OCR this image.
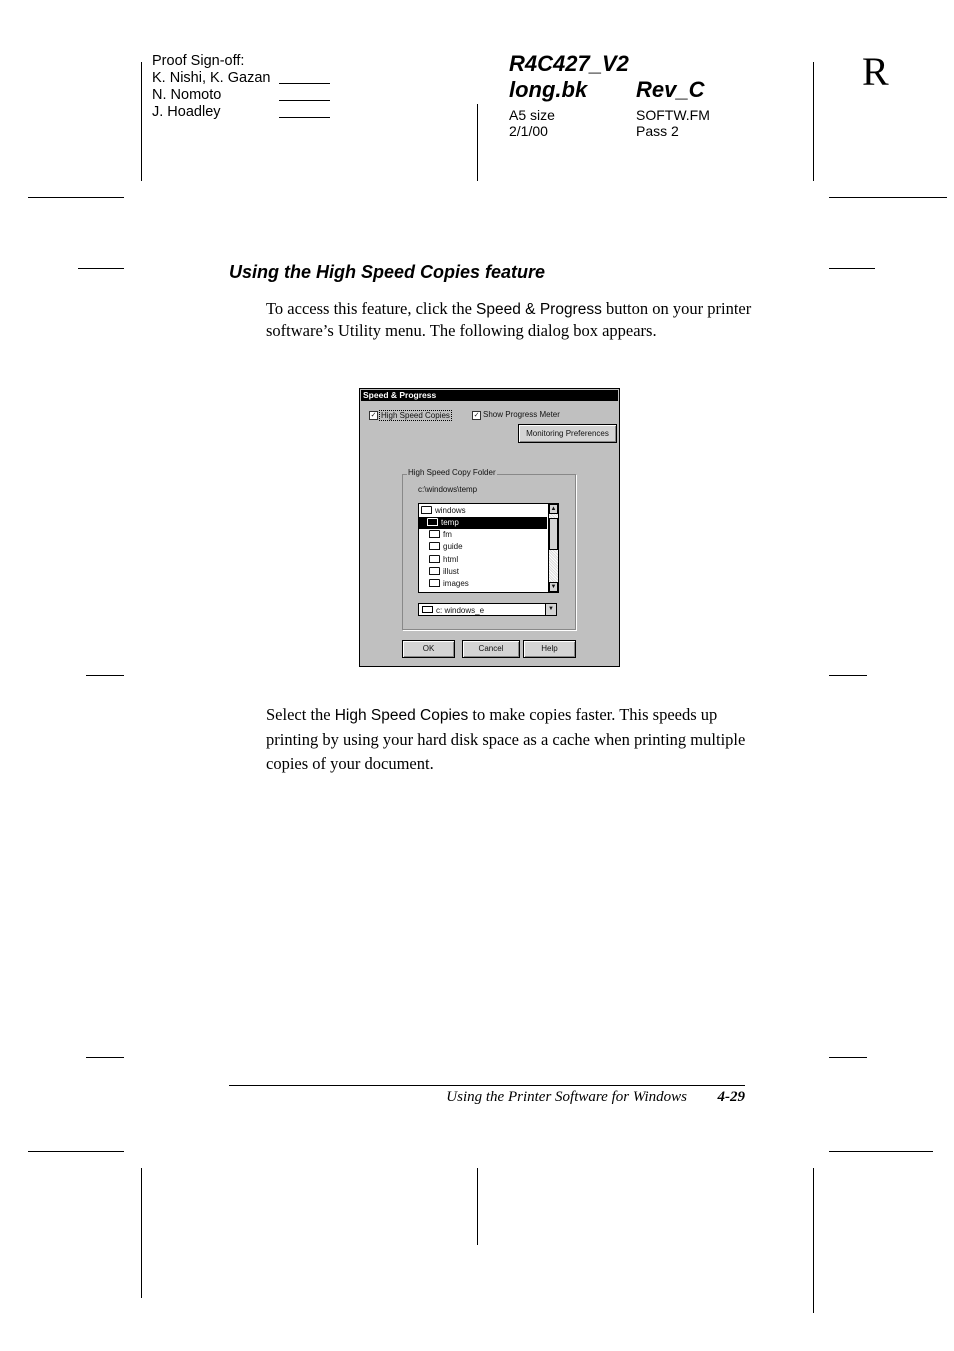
Proof Sign-off:
K. Nishi, K. Gazan
N. Nomoto
J. Hoadley
R4C427_V2
long.bk Rev_C
A5 size
2/1/00
SOFTW.FM
Pass 2
R
Using the High Speed Copies feature
To access this feature, click the Speed & Progress button on your printer software’s Utility menu. The following dialog box appears.
Speed & Progress
✓ High Speed Copies	✓ Show Progress Meter
Monitoring Preferences
High Speed Copy Folder
c:\windows\temp
windows
temp
fm
guide
html
illust
images
▲
▼
c: windows_e	▼
OK	Cancel	Help
Select the High Speed Copies to make copies faster. This speeds up printing by using your hard disk space as a cache when printing multiple copies of your document.
Using the Printer Software for Windows 4-29
